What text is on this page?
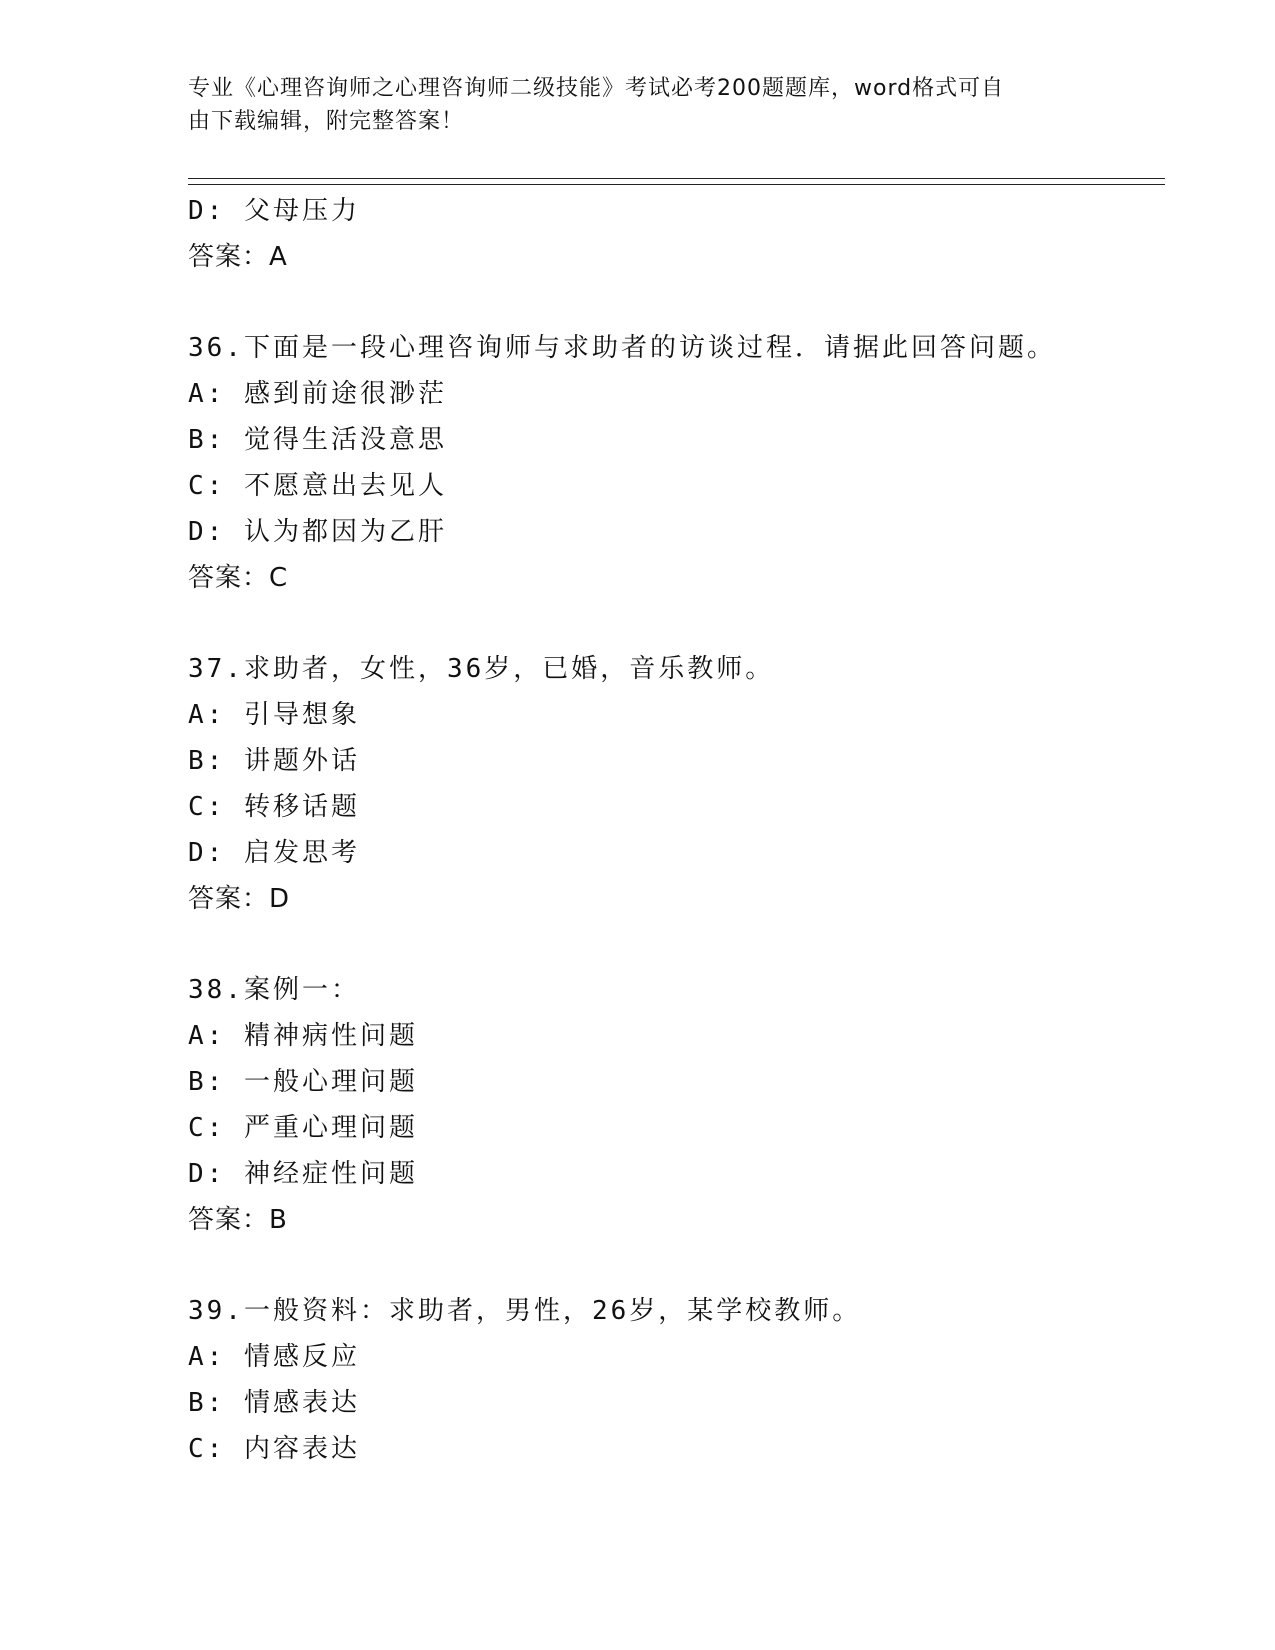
专业《心理咨询师之心理咨询师二级技能》考试必考200题题库，word格式可自
由下载编辑，附完整答案！
D: 父母压力
答案：A
36.下面是一段心理咨询师与求助者的访谈过程．请据此回答问题。
A: 感到前途很渺茫
B: 觉得生活没意思
C: 不愿意出去见人
D: 认为都因为乙肝
答案：C
37.求助者，女性，36岁，已婚，音乐教师。
A: 引导想象
B: 讲题外话
C: 转移话题
D: 启发思考
答案：D
38.案例一：
A: 精神病性问题
B: 一般心理问题
C: 严重心理问题
D: 神经症性问题
答案：B
39.一般资料：求助者，男性，26岁，某学校教师。
A: 情感反应
B: 情感表达
C: 内容表达
